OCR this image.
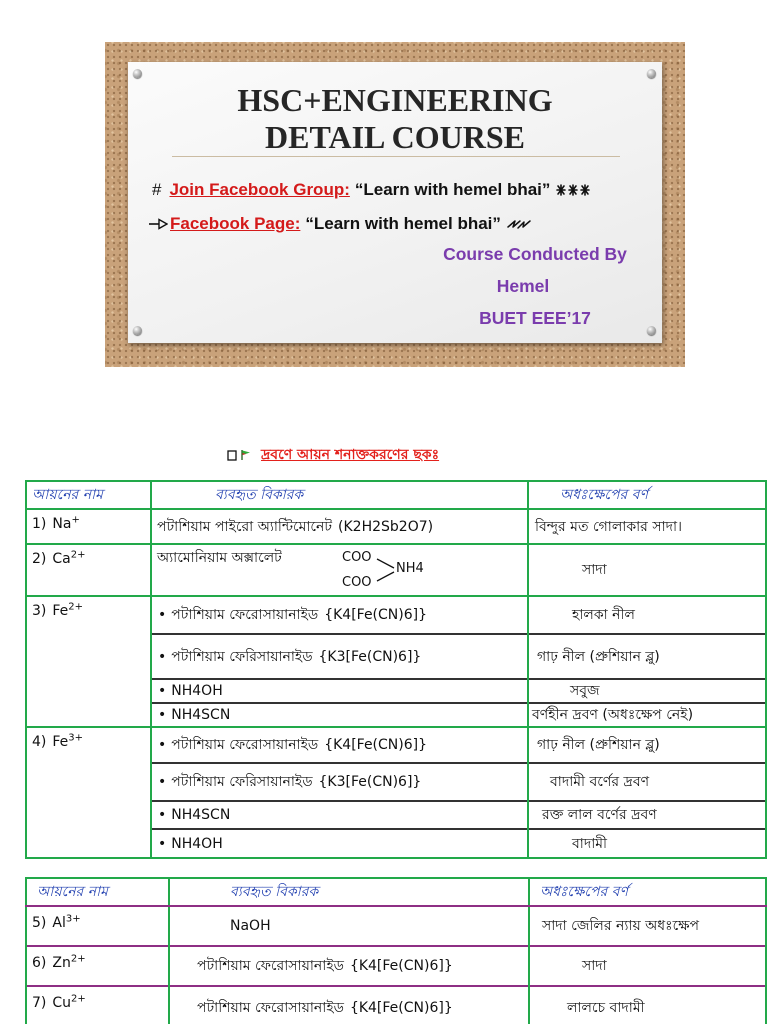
HSC+ENGINEERING
DETAIL COURSE
# Join Facebook Group: “Learn with hemel bhai”
Facebook Page: “Learn with hemel bhai”
Course Conducted By
Hemel
BUET EEE’17
দ্রবণে আয়ন শনাক্তকরণের ছকঃ
আয়নের নাম	ব্যবহৃত বিকারক	অধঃক্ষেপের বর্ণ
1) Na+	পটাশিয়াম পাইরো অ্যান্টিমোনেট (K2H2Sb2O7)	বিন্দুর মত গোলাকার সাদা।
2) $Ca^{2+}$	অ্যামোনিয়াম অক্সালেট COO
COO
NH4	সাদা
3) $Fe^{2+}$	• পটাশিয়াম ফেরোসায়ানাইড {K4[Fe(CN)6]}	হালকা নীল
	• পটাশিয়াম ফেরিসায়ানাইড {K3[Fe(CN)6]}	গাঢ় নীল (প্রুশিয়ান ব্লু)
	• NH4OH	সবুজ
	• NH4SCN	বর্ণহীন দ্রবণ (অধঃক্ষেপ নেই)
4) $Fe^{3+}$	• পটাশিয়াম ফেরোসায়ানাইড {K4[Fe(CN)6]}	গাঢ় নীল (প্রুশিয়ান ব্লু)
	• পটাশিয়াম ফেরিসায়ানাইড {K3[Fe(CN)6]}	বাদামী বর্ণের দ্রবণ
	• NH4SCN	রক্ত লাল বর্ণের দ্রবণ
	• NH4OH	বাদামী
আয়নের নাম	ব্যবহৃত বিকারক	অধঃক্ষেপের বর্ণ
5) $Al^{3+}$	NaOH	সাদা জেলির ন্যায় অধঃক্ষেপ
6) $Zn^{2+}$	পটাশিয়াম ফেরোসায়ানাইড {K4[Fe(CN)6]}	সাদা
7) $Cu^{2+}$	পটাশিয়াম ফেরোসায়ানাইড {K4[Fe(CN)6]}	লালচে বাদামী
